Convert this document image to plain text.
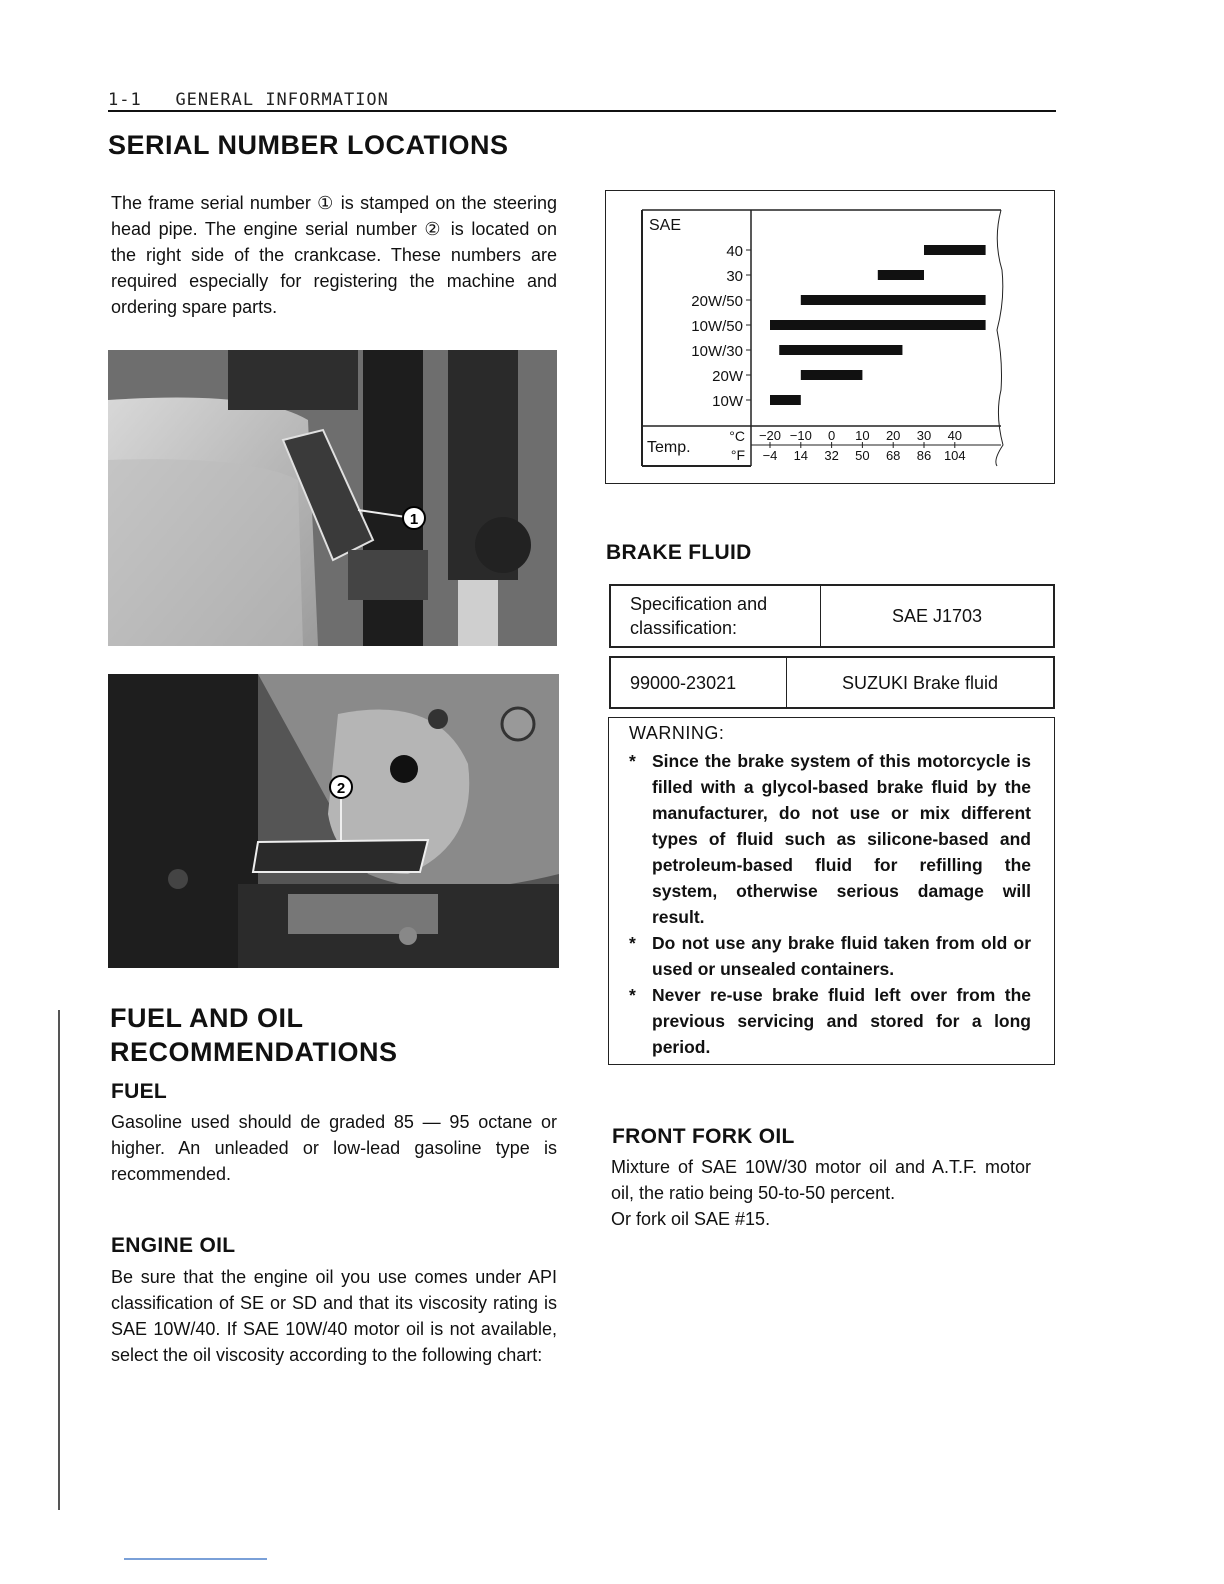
1-1 GENERAL INFORMATION
SERIAL NUMBER LOCATIONS

The frame serial number ① is stamped on the steering head pipe. The engine serial number ② is located on the right side of the crankcase. These numbers are required especially for registering the machine and ordering spare parts.

1
2
FUEL AND OIL
RECOMMENDATIONS
FUEL

Gasoline used should de graded 85 — 95 octane or higher. An unleaded or low-lead gasoline type is recommended.

ENGINE OIL

Be sure that the engine oil you use comes under API classification of SE or SD and that its viscosity rating is SAE 10W/40. If SAE 10W/40 motor oil is not available, select the oil viscosity according to the following chart:

SAE
Temp.
°C
°F
40
30
20W/50
10W/50
10W/30
20W
10W
−20
−4
−10
14
0
32
10
50
20
68
30
86
40
104
BRAKE FLUID
Specification and classification:
SAE J1703
99000-23021	SUZUKI Brake fluid
WARNING:
* Since the brake system of this motorcycle is filled with a glycol-based brake fluid by the manufacturer, do not use or mix different types of fluid such as silicone-based and petroleum-based fluid for refilling the system, otherwise serious damage will result.
* Do not use any brake fluid taken from old or used or unsealed containers.
* Never re-use brake fluid left over from the previous servicing and stored for a long period.
FRONT FORK OIL

Mixture of SAE 10W/30 motor oil and A.T.F. motor oil, the ratio being 50-to-50 percent.

Or fork oil SAE #15.
